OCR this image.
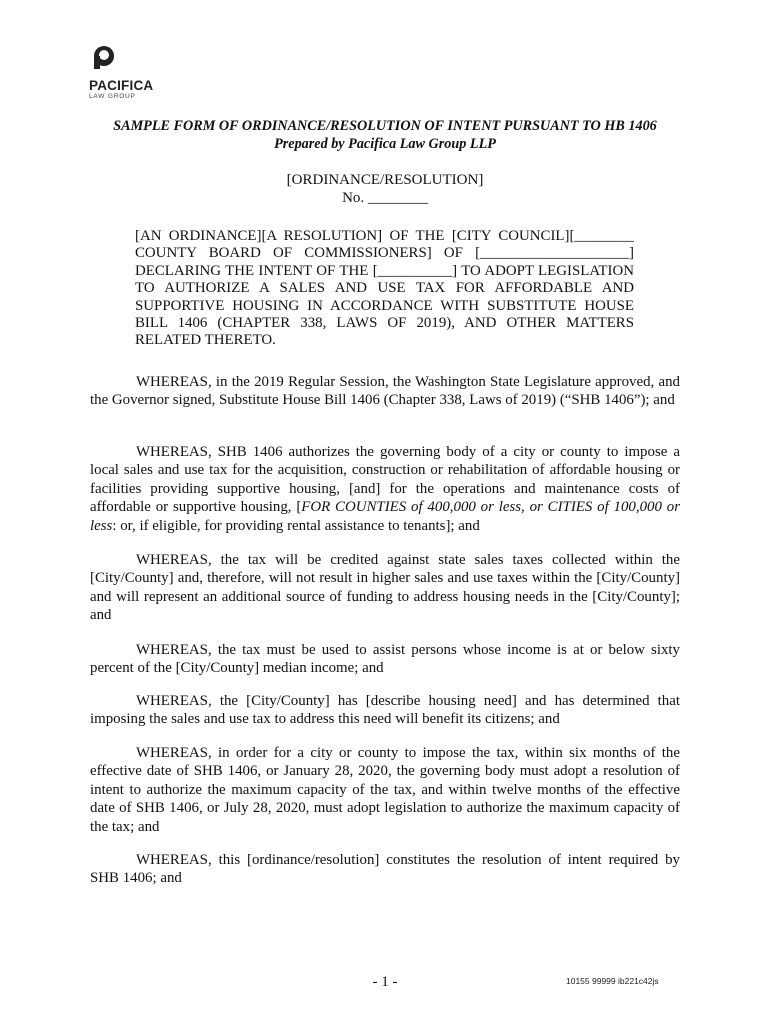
PACIFICA
LAW GROUP
SAMPLE FORM OF ORDINANCE/RESOLUTION OF INTENT PURSUANT TO HB 1406
Prepared by Pacifica Law Group LLP
[ORDINANCE/RESOLUTION]
No. ________
[AN ORDINANCE][A RESOLUTION] OF THE [CITY COUNCIL][________ COUNTY BOARD OF COMMISSIONERS] OF [____________________] DECLARING THE INTENT OF THE [__________] TO ADOPT LEGISLATION TO AUTHORIZE A SALES AND USE TAX FOR AFFORDABLE AND SUPPORTIVE HOUSING IN ACCORDANCE WITH SUBSTITUTE HOUSE BILL 1406 (CHAPTER 338, LAWS OF 2019), AND OTHER MATTERS RELATED THERETO.
WHEREAS, in the 2019 Regular Session, the Washington State Legislature approved, and the Governor signed, Substitute House Bill 1406 (Chapter 338, Laws of 2019) (“SHB 1406”); and
WHEREAS, SHB 1406 authorizes the governing body of a city or county to impose a local sales and use tax for the acquisition, construction or rehabilitation of affordable housing or facilities providing supportive housing, [and] for the operations and maintenance costs of affordable or supportive housing, [FOR COUNTIES of 400,000 or less, or CITIES of 100,000 or less: or, if eligible, for providing rental assistance to tenants]; and
WHEREAS, the tax will be credited against state sales taxes collected within the [City/County] and, therefore, will not result in higher sales and use taxes within the [City/County] and will represent an additional source of funding to address housing needs in the [City/County]; and
WHEREAS, the tax must be used to assist persons whose income is at or below sixty percent of the [City/County] median income; and
WHEREAS, the [City/County] has [describe housing need] and has determined that imposing the sales and use tax to address this need will benefit its citizens; and
WHEREAS, in order for a city or county to impose the tax, within six months of the effective date of SHB 1406, or January 28, 2020, the governing body must adopt a resolution of intent to authorize the maximum capacity of the tax, and within twelve months of the effective date of SHB 1406, or July 28, 2020, must adopt legislation to authorize the maximum capacity of the tax; and
WHEREAS, this [ordinance/resolution] constitutes the resolution of intent required by SHB 1406; and
- 1 -	10155 99999 ib221c42js
